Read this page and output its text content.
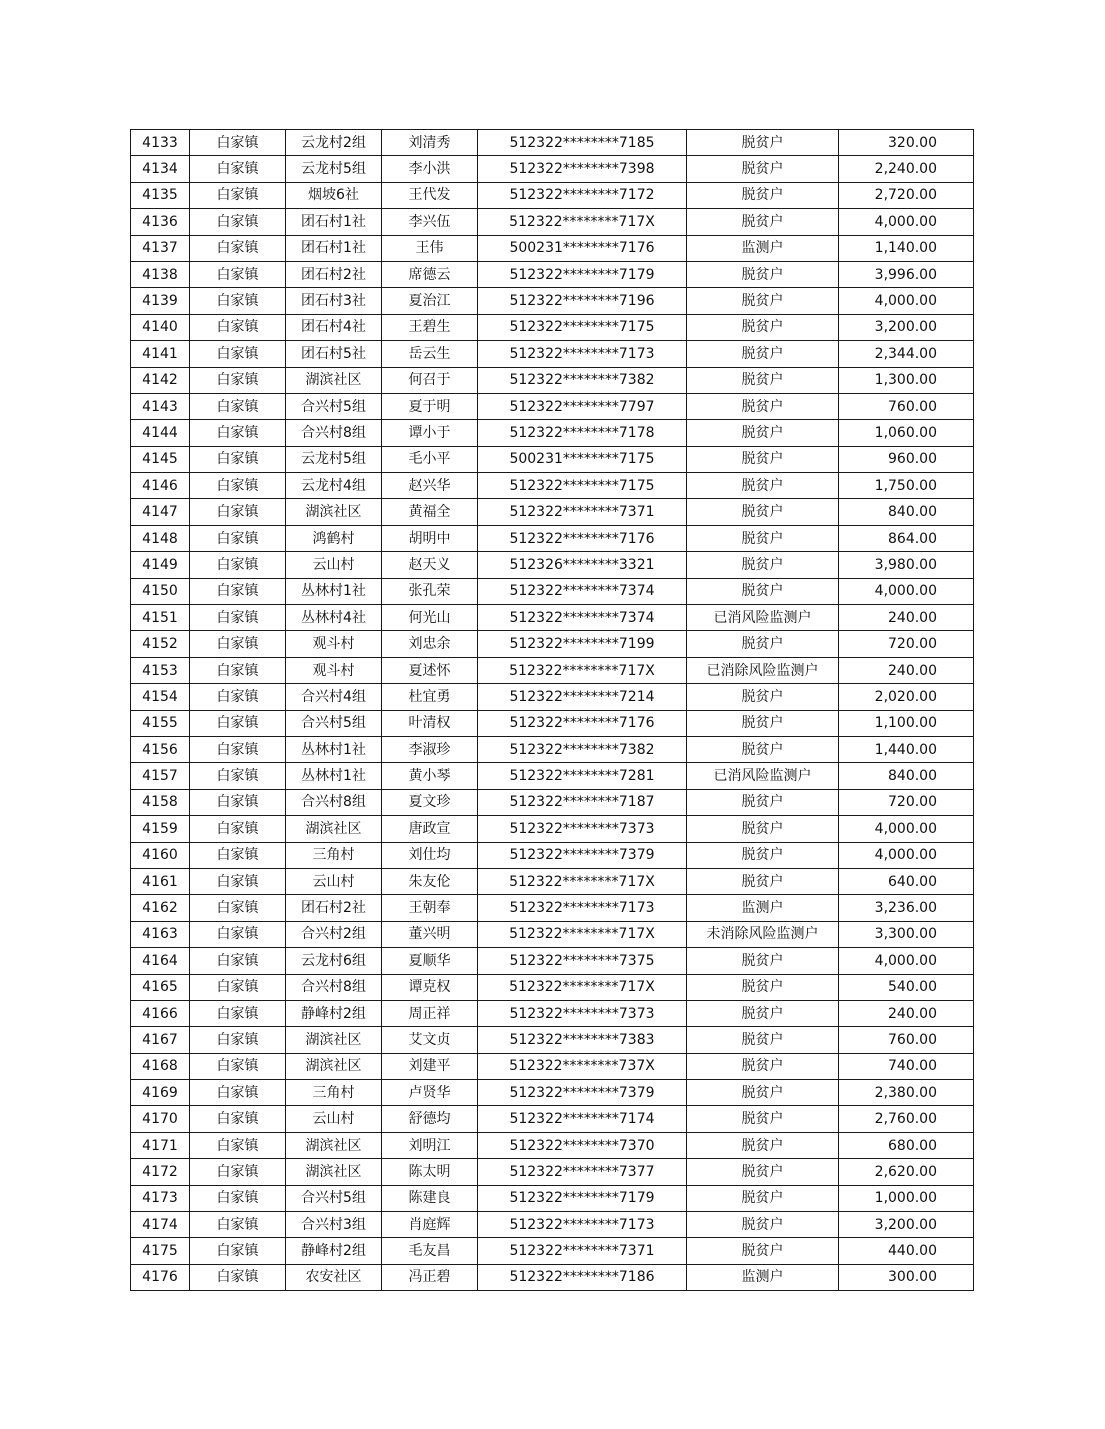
4133	白家镇	云龙村2组	刘清秀	512322********7185	脱贫户	320.00
4134	白家镇	云龙村5组	李小洪	512322********7398	脱贫户	2,240.00
4135	白家镇	烟坡6社	王代发	512322********7172	脱贫户	2,720.00
4136	白家镇	团石村1社	李兴伍	512322********717X	脱贫户	4,000.00
4137	白家镇	团石村1社	王伟	500231********7176	监测户	1,140.00
4138	白家镇	团石村2社	席德云	512322********7179	脱贫户	3,996.00
4139	白家镇	团石村3社	夏治江	512322********7196	脱贫户	4,000.00
4140	白家镇	团石村4社	王碧生	512322********7175	脱贫户	3,200.00
4141	白家镇	团石村5社	岳云生	512322********7173	脱贫户	2,344.00
4142	白家镇	湖滨社区	何召于	512322********7382	脱贫户	1,300.00
4143	白家镇	合兴村5组	夏于明	512322********7797	脱贫户	760.00
4144	白家镇	合兴村8组	谭小于	512322********7178	脱贫户	1,060.00
4145	白家镇	云龙村5组	毛小平	500231********7175	脱贫户	960.00
4146	白家镇	云龙村4组	赵兴华	512322********7175	脱贫户	1,750.00
4147	白家镇	湖滨社区	黄福全	512322********7371	脱贫户	840.00
4148	白家镇	鸿鹤村	胡明中	512322********7176	脱贫户	864.00
4149	白家镇	云山村	赵天义	512326********3321	脱贫户	3,980.00
4150	白家镇	丛林村1社	张孔荣	512322********7374	脱贫户	4,000.00
4151	白家镇	丛林村4社	何光山	512322********7374	已消风险监测户	240.00
4152	白家镇	观斗村	刘忠余	512322********7199	脱贫户	720.00
4153	白家镇	观斗村	夏述怀	512322********717X	已消除风险监测户	240.00
4154	白家镇	合兴村4组	杜宜勇	512322********7214	脱贫户	2,020.00
4155	白家镇	合兴村5组	叶清权	512322********7176	脱贫户	1,100.00
4156	白家镇	丛林村1社	李淑珍	512322********7382	脱贫户	1,440.00
4157	白家镇	丛林村1社	黄小琴	512322********7281	已消风险监测户	840.00
4158	白家镇	合兴村8组	夏文珍	512322********7187	脱贫户	720.00
4159	白家镇	湖滨社区	唐政宣	512322********7373	脱贫户	4,000.00
4160	白家镇	三角村	刘仕均	512322********7379	脱贫户	4,000.00
4161	白家镇	云山村	朱友伦	512322********717X	脱贫户	640.00
4162	白家镇	团石村2社	王朝奉	512322********7173	监测户	3,236.00
4163	白家镇	合兴村2组	董兴明	512322********717X	未消除风险监测户	3,300.00
4164	白家镇	云龙村6组	夏顺华	512322********7375	脱贫户	4,000.00
4165	白家镇	合兴村8组	谭克权	512322********717X	脱贫户	540.00
4166	白家镇	静峰村2组	周正祥	512322********7373	脱贫户	240.00
4167	白家镇	湖滨社区	艾文贞	512322********7383	脱贫户	760.00
4168	白家镇	湖滨社区	刘建平	512322********737X	脱贫户	740.00
4169	白家镇	三角村	卢贤华	512322********7379	脱贫户	2,380.00
4170	白家镇	云山村	舒德均	512322********7174	脱贫户	2,760.00
4171	白家镇	湖滨社区	刘明江	512322********7370	脱贫户	680.00
4172	白家镇	湖滨社区	陈太明	512322********7377	脱贫户	2,620.00
4173	白家镇	合兴村5组	陈建良	512322********7179	脱贫户	1,000.00
4174	白家镇	合兴村3组	肖庭辉	512322********7173	脱贫户	3,200.00
4175	白家镇	静峰村2组	毛友昌	512322********7371	脱贫户	440.00
4176	白家镇	农安社区	冯正碧	512322********7186	监测户	300.00
